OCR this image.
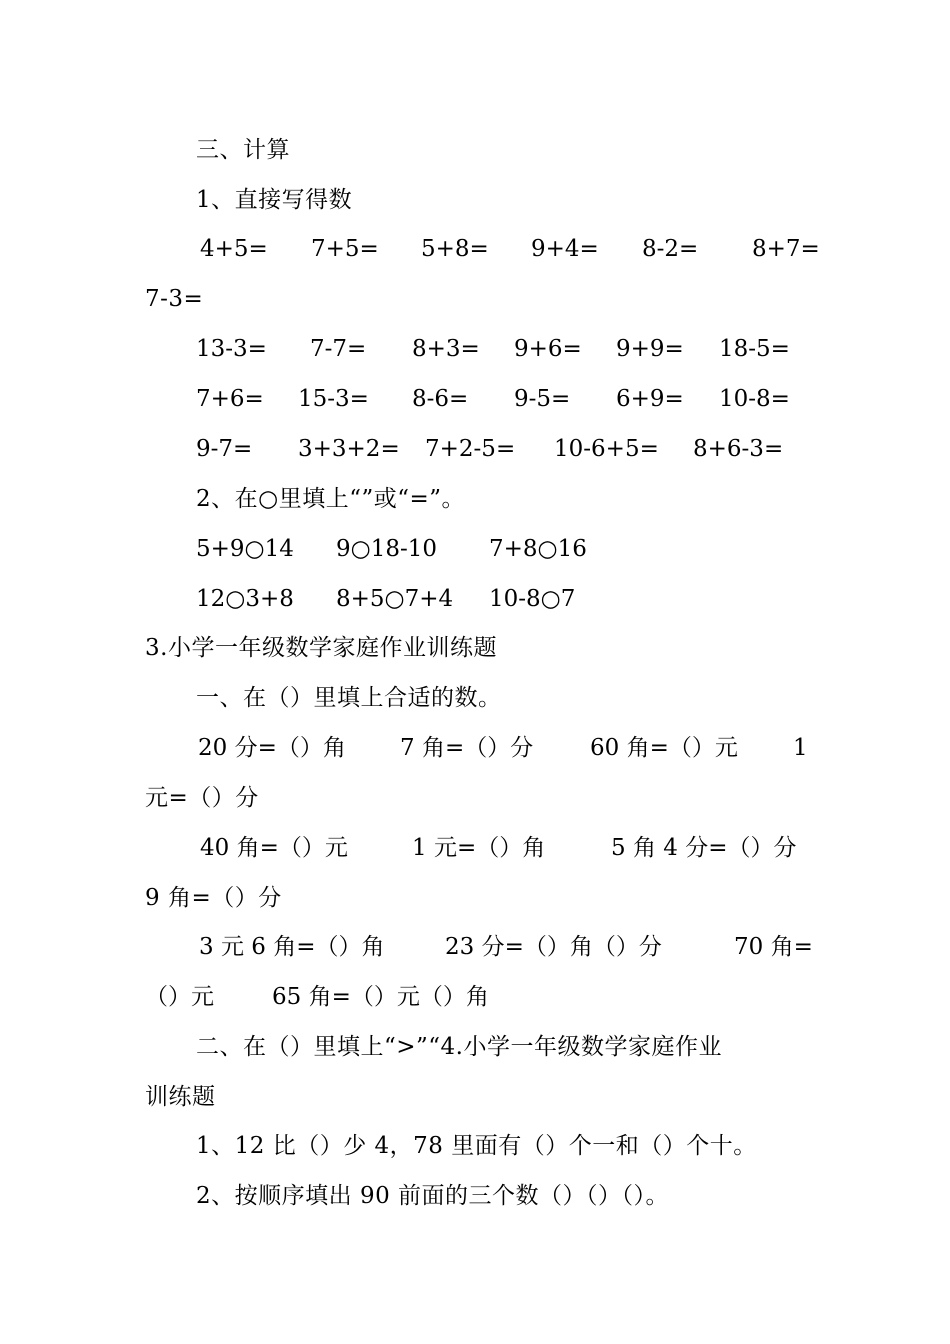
三、计算
1、直接写得数
4+5= 7+5= 5+8= 9+4= 8-2= 8+7=
7-3=
13-3= 7-7= 8+3= 9+6= 9+9= 18-5=
7+6= 15-3= 8-6= 9-5= 6+9= 10-8=
9-7= 3+3+2= 7+2-5= 10-6+5= 8+6-3=
2、在○里填上“”或“=”。
5+9○14 9○18-10 7+8○16
12○3+8 8+5○7+4 10-8○7
3.小学一年级数学家庭作业训练题
一、在（）里填上合适的数。
20 分=（）角 7 角=（）分 60 角=（）元 1
元=（）分
40 角=（）元	1 元=（）角	5 角 4 分=（）分
9 角=（）分
3 元 6 角=（）角	23 分=（）角（）分	70 角=
（）元	65 角=（）元（）角
二、在（）里填上“>”“4.小学一年级数学家庭作业
训练题
1、12 比（）少 4，78 里面有（）个一和（）个十。
2、按顺序填出 90 前面的三个数（）（）（）。
